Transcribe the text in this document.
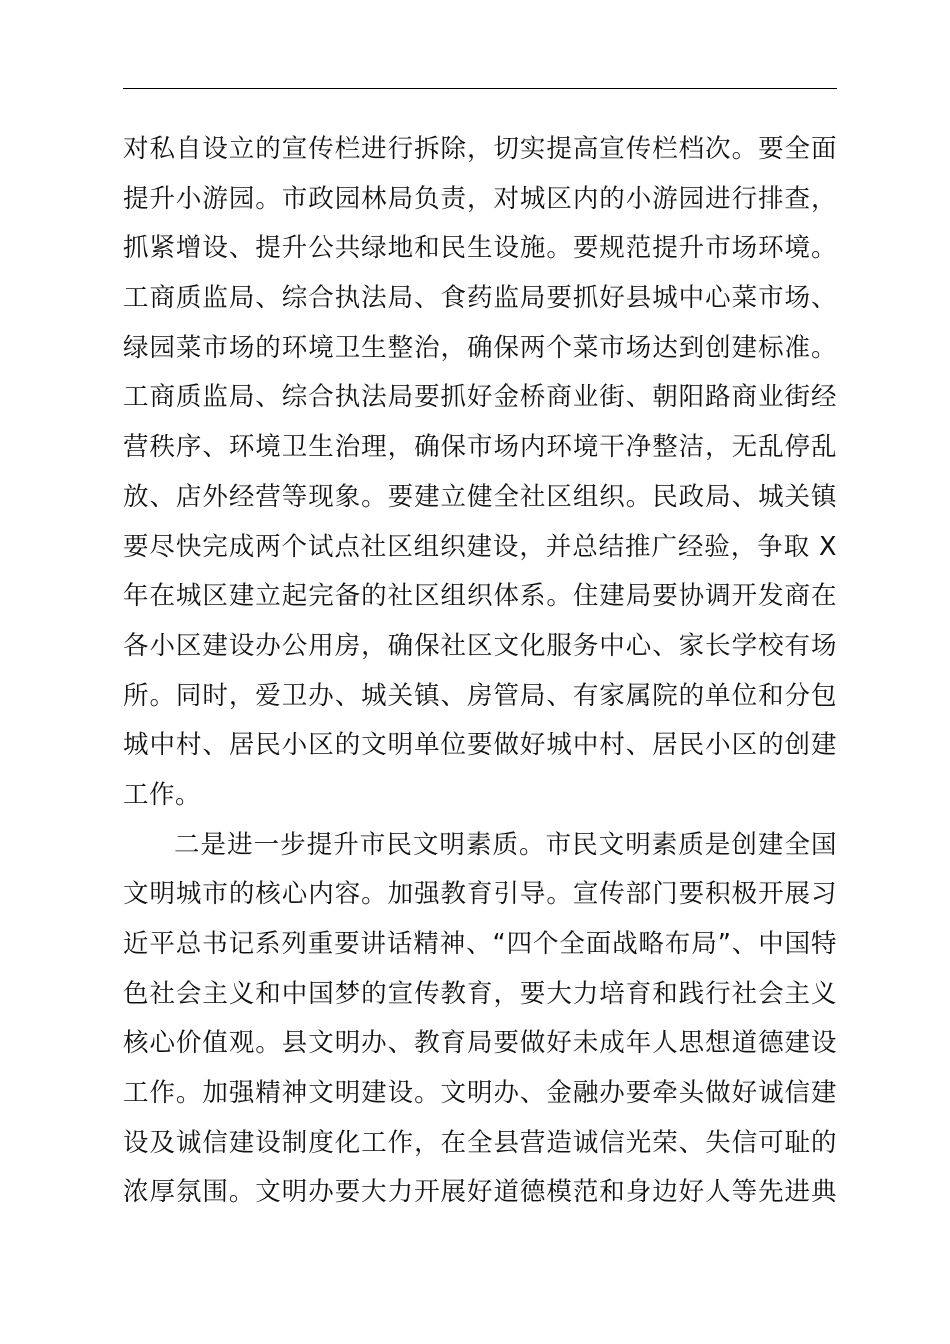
对私自设立的宣传栏进行拆除，切实提高宣传栏档次。要全面
提升小游园。市政园林局负责，对城区内的小游园进行排查，
抓紧增设、提升公共绿地和民生设施。要规范提升市场环境。
工商质监局、综合执法局、食药监局要抓好县城中心菜市场、
绿园菜市场的环境卫生整治，确保两个菜市场达到创建标准。
工商质监局、综合执法局要抓好金桥商业街、朝阳路商业街经
营秩序、环境卫生治理，确保市场内环境干净整洁，无乱停乱
放、店外经营等现象。要建立健全社区组织。民政局、城关镇
要尽快完成两个试点社区组织建设，并总结推广经验，争取 X
年在城区建立起完备的社区组织体系。住建局要协调开发商在
各小区建设办公用房，确保社区文化服务中心、家长学校有场
所。同时，爱卫办、城关镇、房管局、有家属院的单位和分包
城中村、居民小区的文明单位要做好城中村、居民小区的创建
工作。
二是进一步提升市民文明素质。市民文明素质是创建全国
文明城市的核心内容。加强教育引导。宣传部门要积极开展习
近平总书记系列重要讲话精神、“四个全面战略布局”、中国特
色社会主义和中国梦的宣传教育，要大力培育和践行社会主义
核心价值观。县文明办、教育局要做好未成年人思想道德建设
工作。加强精神文明建设。文明办、金融办要牵头做好诚信建
设及诚信建设制度化工作，在全县营造诚信光荣、失信可耻的
浓厚氛围。文明办要大力开展好道德模范和身边好人等先进典
